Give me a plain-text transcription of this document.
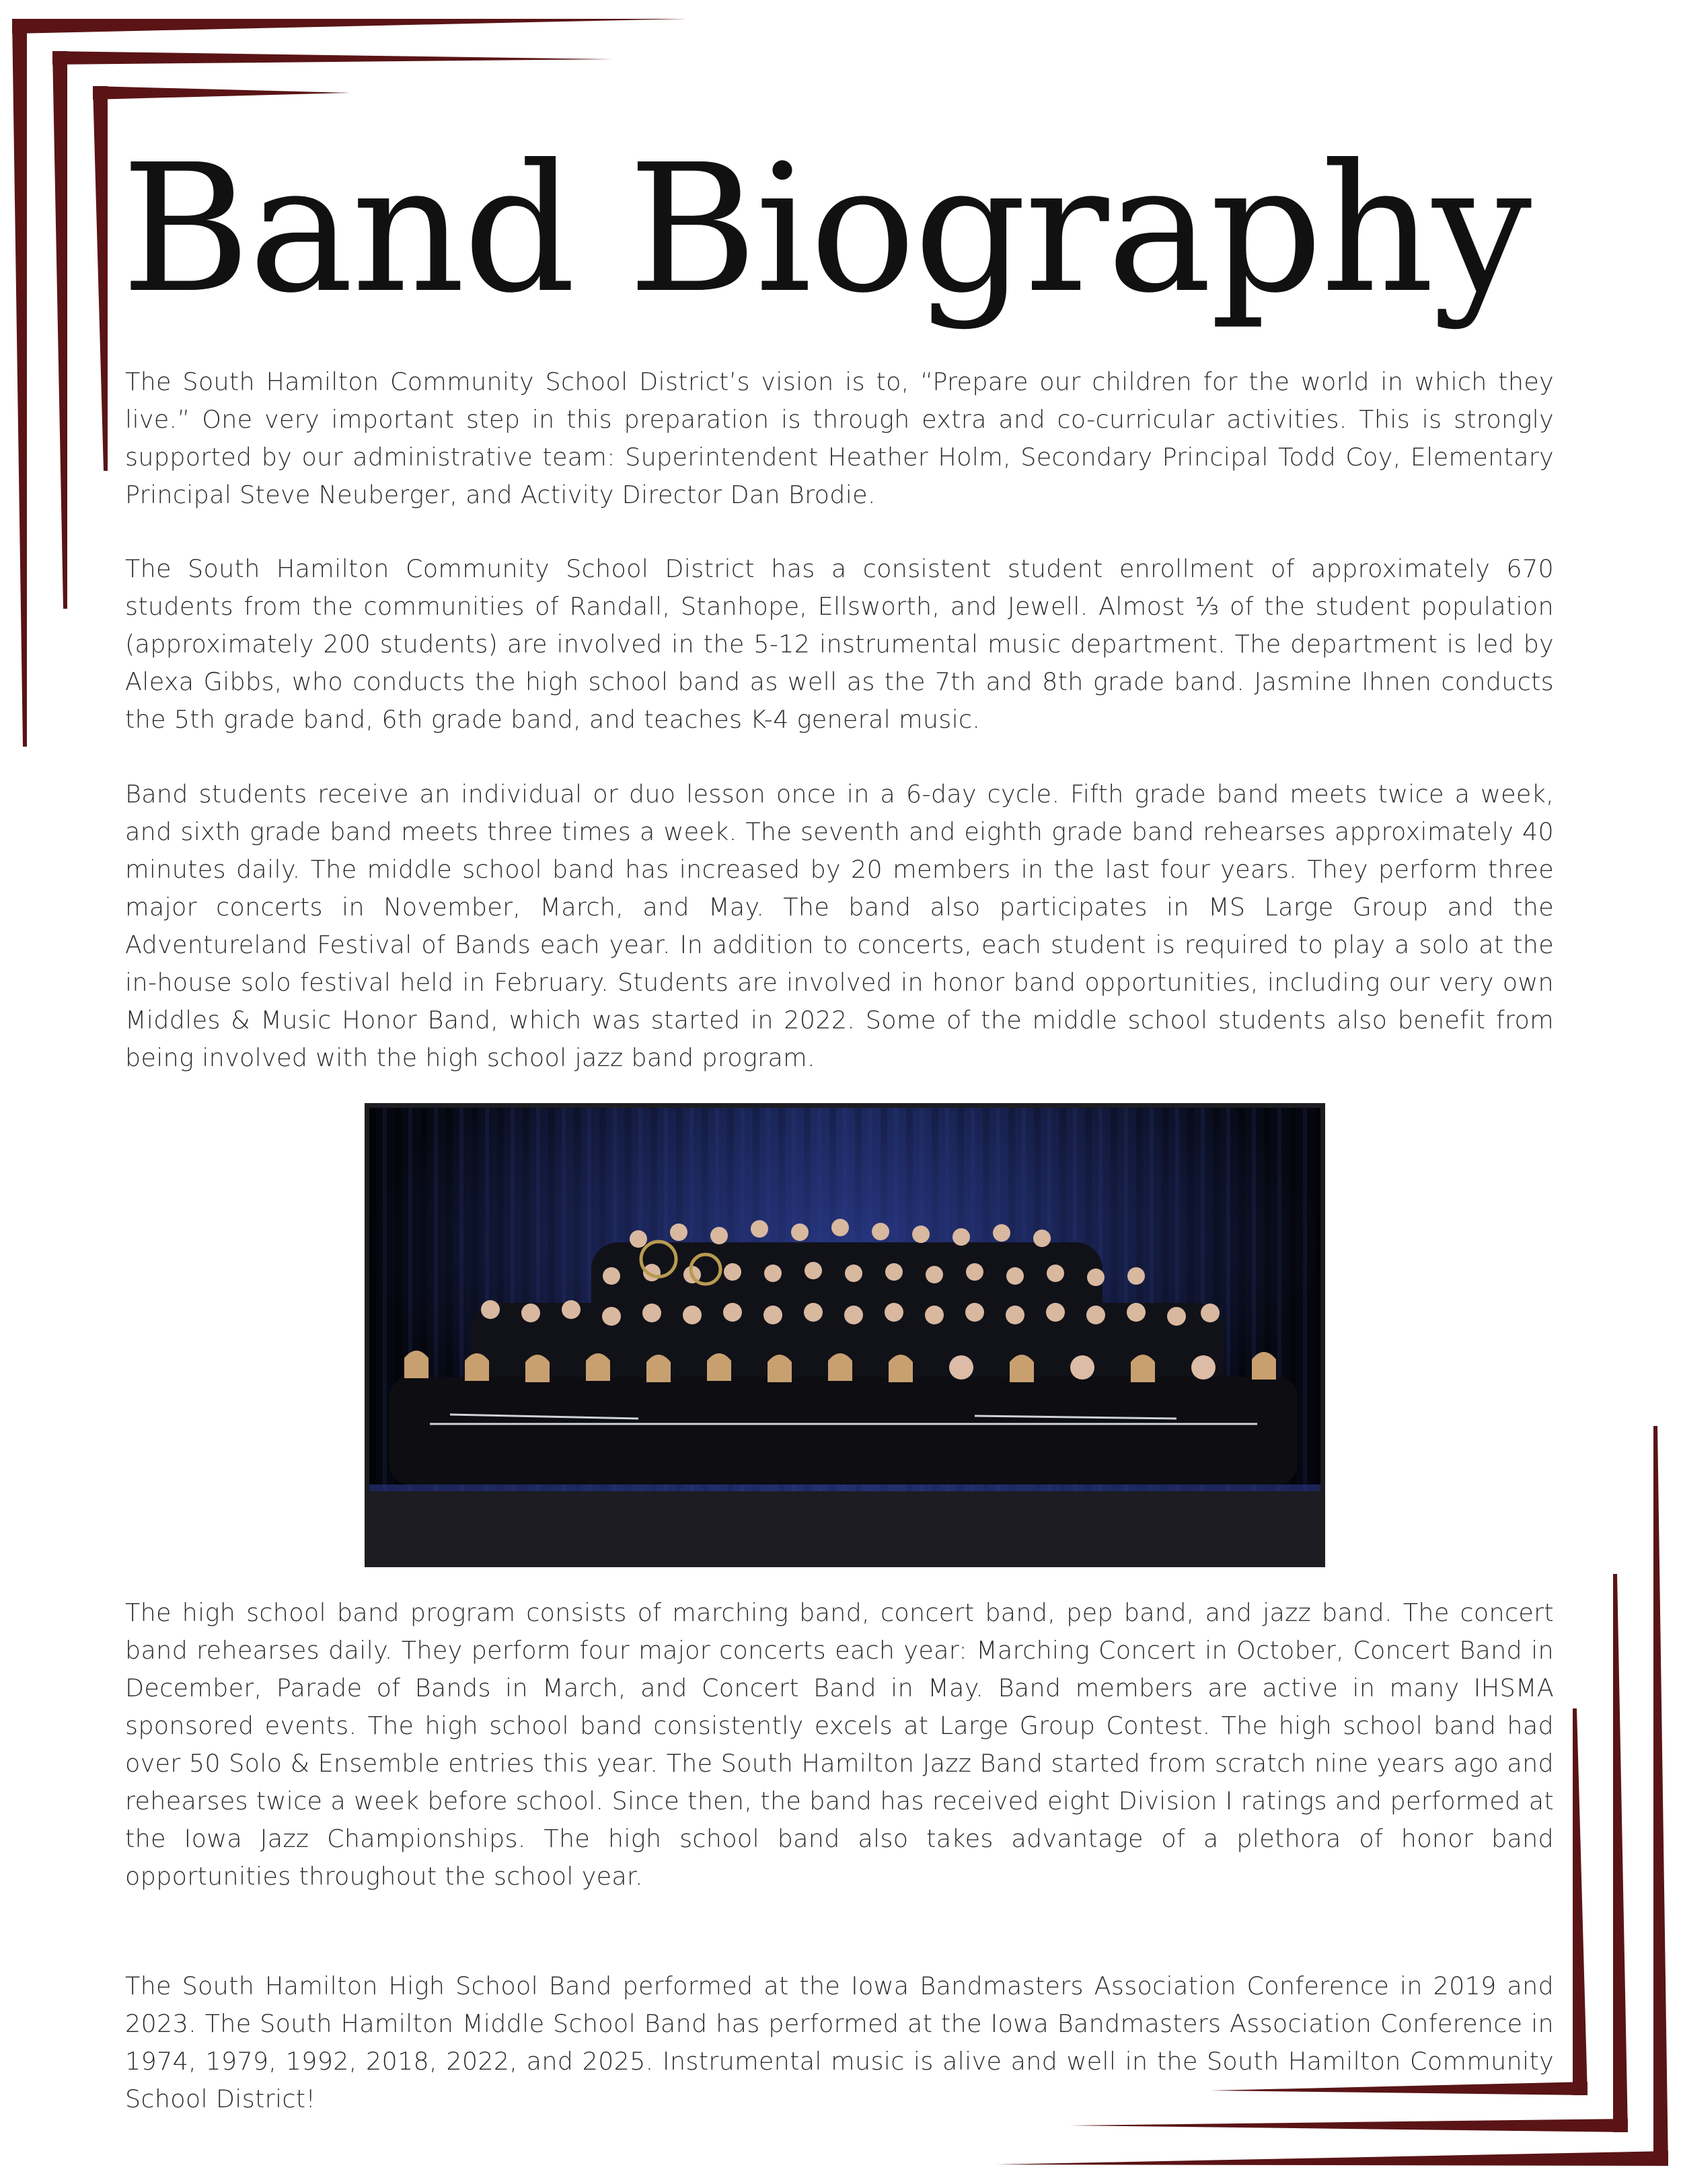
Band Biography

The South Hamilton Community School District’s vision is to, “Prepare our children for the world in which they live.” One very important step in this preparation is through extra and co-curricular activities. This is strongly supported by our administrative team: Superintendent Heather Holm, Secondary Principal Todd Coy, Elementary Principal Steve Neuberger, and Activity Director Dan Brodie.

The South Hamilton Community School District has a consistent student enrollment of approximately 670 students from the communities of Randall, Stanhope, Ellsworth, and Jewell. Almost ⅓ of the student population (approximately 200 students) are involved in the 5-12 instrumental music department. The department is led by Alexa Gibbs, who conducts the high school band as well as the 7th and 8th grade band. Jasmine Ihnen conducts the 5th grade band, 6th grade band, and teaches K-4 general music.

Band students receive an individual or duo lesson once in a 6-day cycle. Fifth grade band meets twice a week, and sixth grade band meets three times a week. The seventh and eighth grade band rehearses approximately 40 minutes daily. The middle school band has increased by 20 members in the last four years. They perform three major concerts in November, March, and May. The band also participates in MS Large Group and the Adventureland Festival of Bands each year. In addition to concerts, each student is required to play a solo at the in-house solo festival held in February. Students are involved in honor band opportunities, including our very own Middles & Music Honor Band, which was started in 2022. Some of the middle school students also benefit from being involved with the high school jazz band program.

The high school band program consists of marching band, concert band, pep band, and jazz band. The concert band rehearses daily. They perform four major concerts each year: Marching Concert in October, Concert Band in December, Parade of Bands in March, and Concert Band in May. Band members are active in many IHSMA sponsored events. The high school band consistently excels at Large Group Contest. The high school band had over 50 Solo & Ensemble entries this year. The South Hamilton Jazz Band started from scratch nine years ago and rehearses twice a week before school. Since then, the band has received eight Division I ratings and performed at the Iowa Jazz Championships. The high school band also takes advantage of a plethora of honor band opportunities throughout the school year.

The South Hamilton High School Band performed at the Iowa Bandmasters Association Conference in 2019 and 2023. The South Hamilton Middle School Band has performed at the Iowa Bandmasters Association Conference in 1974, 1979, 1992, 2018, 2022, and 2025. Instrumental music is alive and well in the South Hamilton Community School District!
